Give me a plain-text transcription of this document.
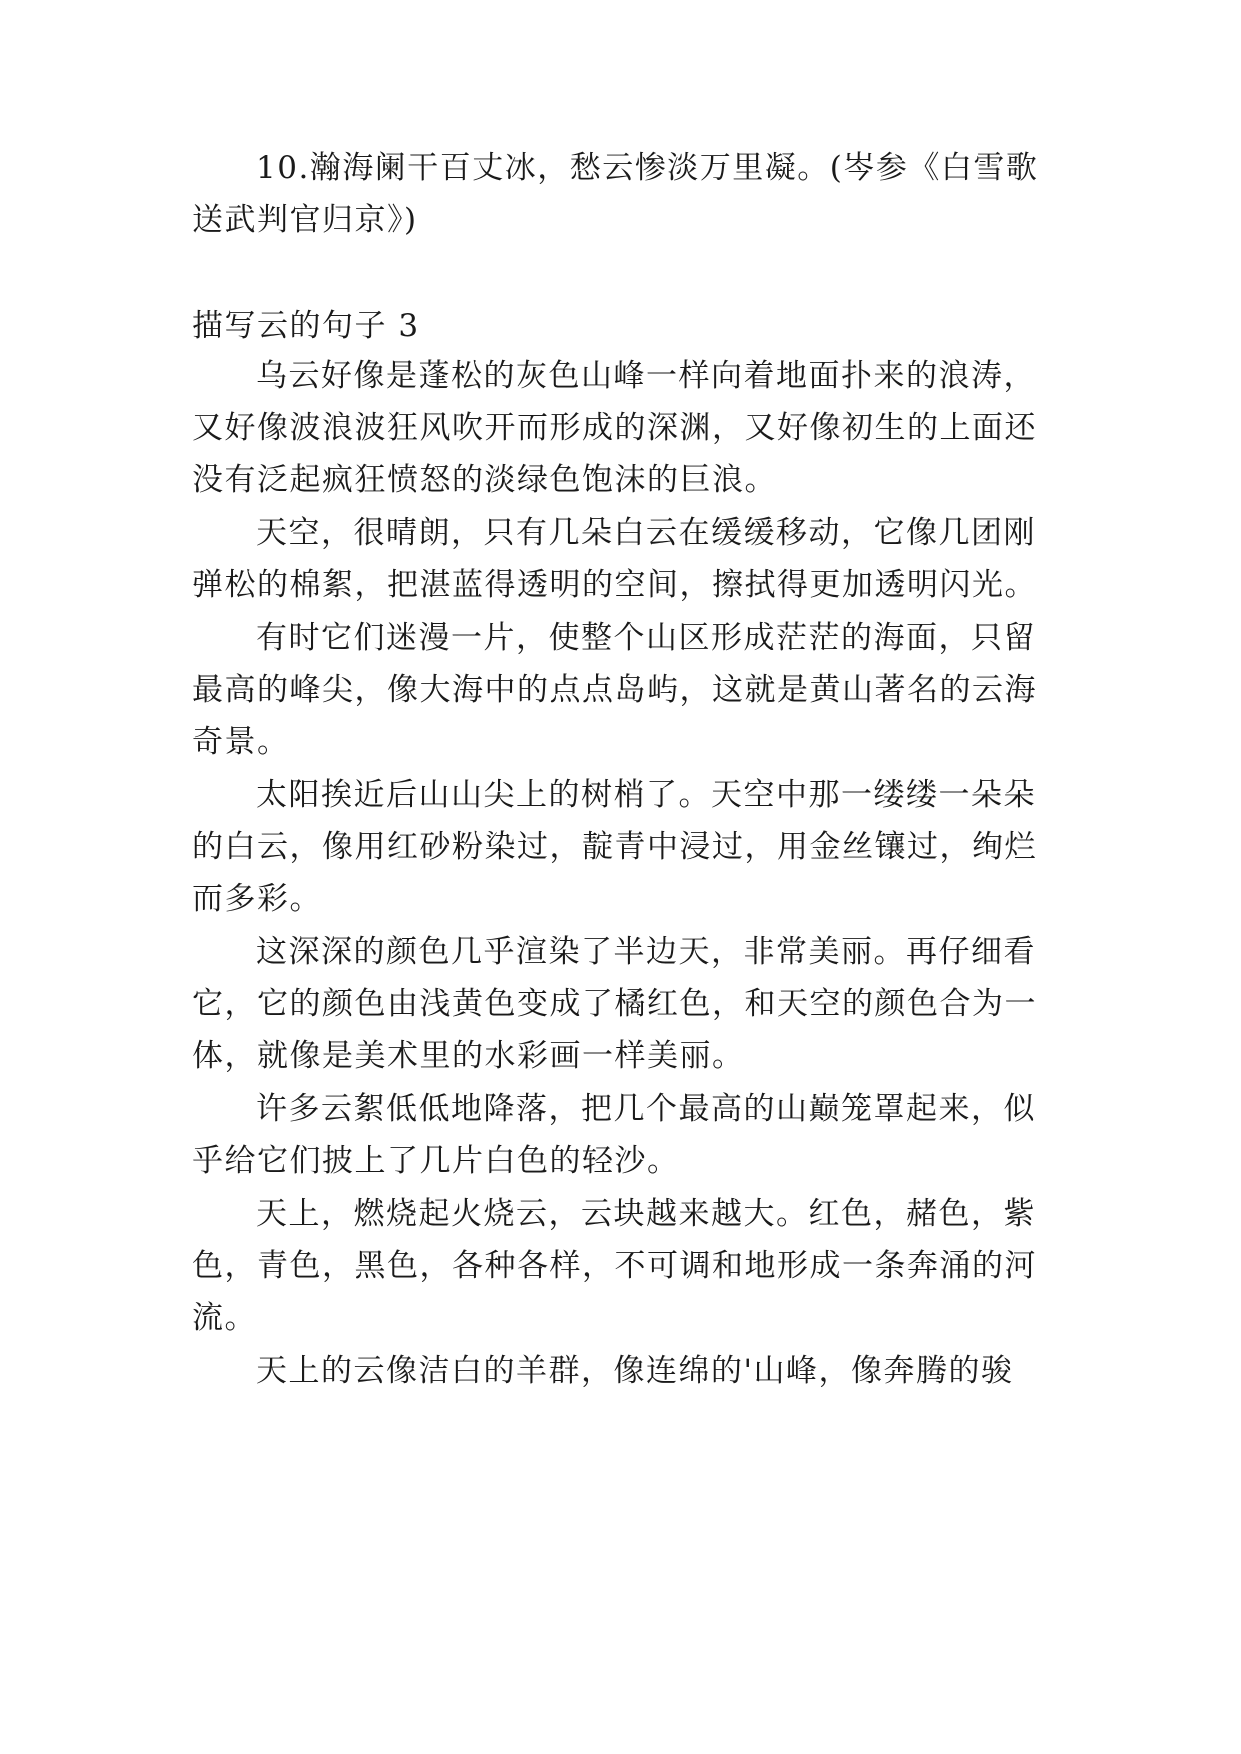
10.瀚海阑干百丈冰，愁云惨淡万里凝。(岑参《白雪歌
送武判官归京》)
描写云的句子 3
乌云好像是蓬松的灰色山峰一样向着地面扑来的浪涛，
又好像波浪波狂风吹开而形成的深渊，又好像初生的上面还
没有泛起疯狂愤怒的淡绿色饱沫的巨浪。
天空，很晴朗，只有几朵白云在缓缓移动，它像几团刚
弹松的棉絮，把湛蓝得透明的空间，擦拭得更加透明闪光。
有时它们迷漫一片，使整个山区形成茫茫的海面，只留
最高的峰尖，像大海中的点点岛屿，这就是黄山著名的云海
奇景。
太阳挨近后山山尖上的树梢了。天空中那一缕缕一朵朵
的白云，像用红砂粉染过，靛青中浸过，用金丝镶过，绚烂
而多彩。
这深深的颜色几乎渲染了半边天，非常美丽。再仔细看
它，它的颜色由浅黄色变成了橘红色，和天空的颜色合为一
体，就像是美术里的水彩画一样美丽。
许多云絮低低地降落，把几个最高的山巅笼罩起来，似
乎给它们披上了几片白色的轻沙。
天上，燃烧起火烧云，云块越来越大。红色，赭色，紫
色，青色，黑色，各种各样，不可调和地形成一条奔涌的河
流。
天上的云像洁白的羊群，像连绵的'山峰，像奔腾的骏
